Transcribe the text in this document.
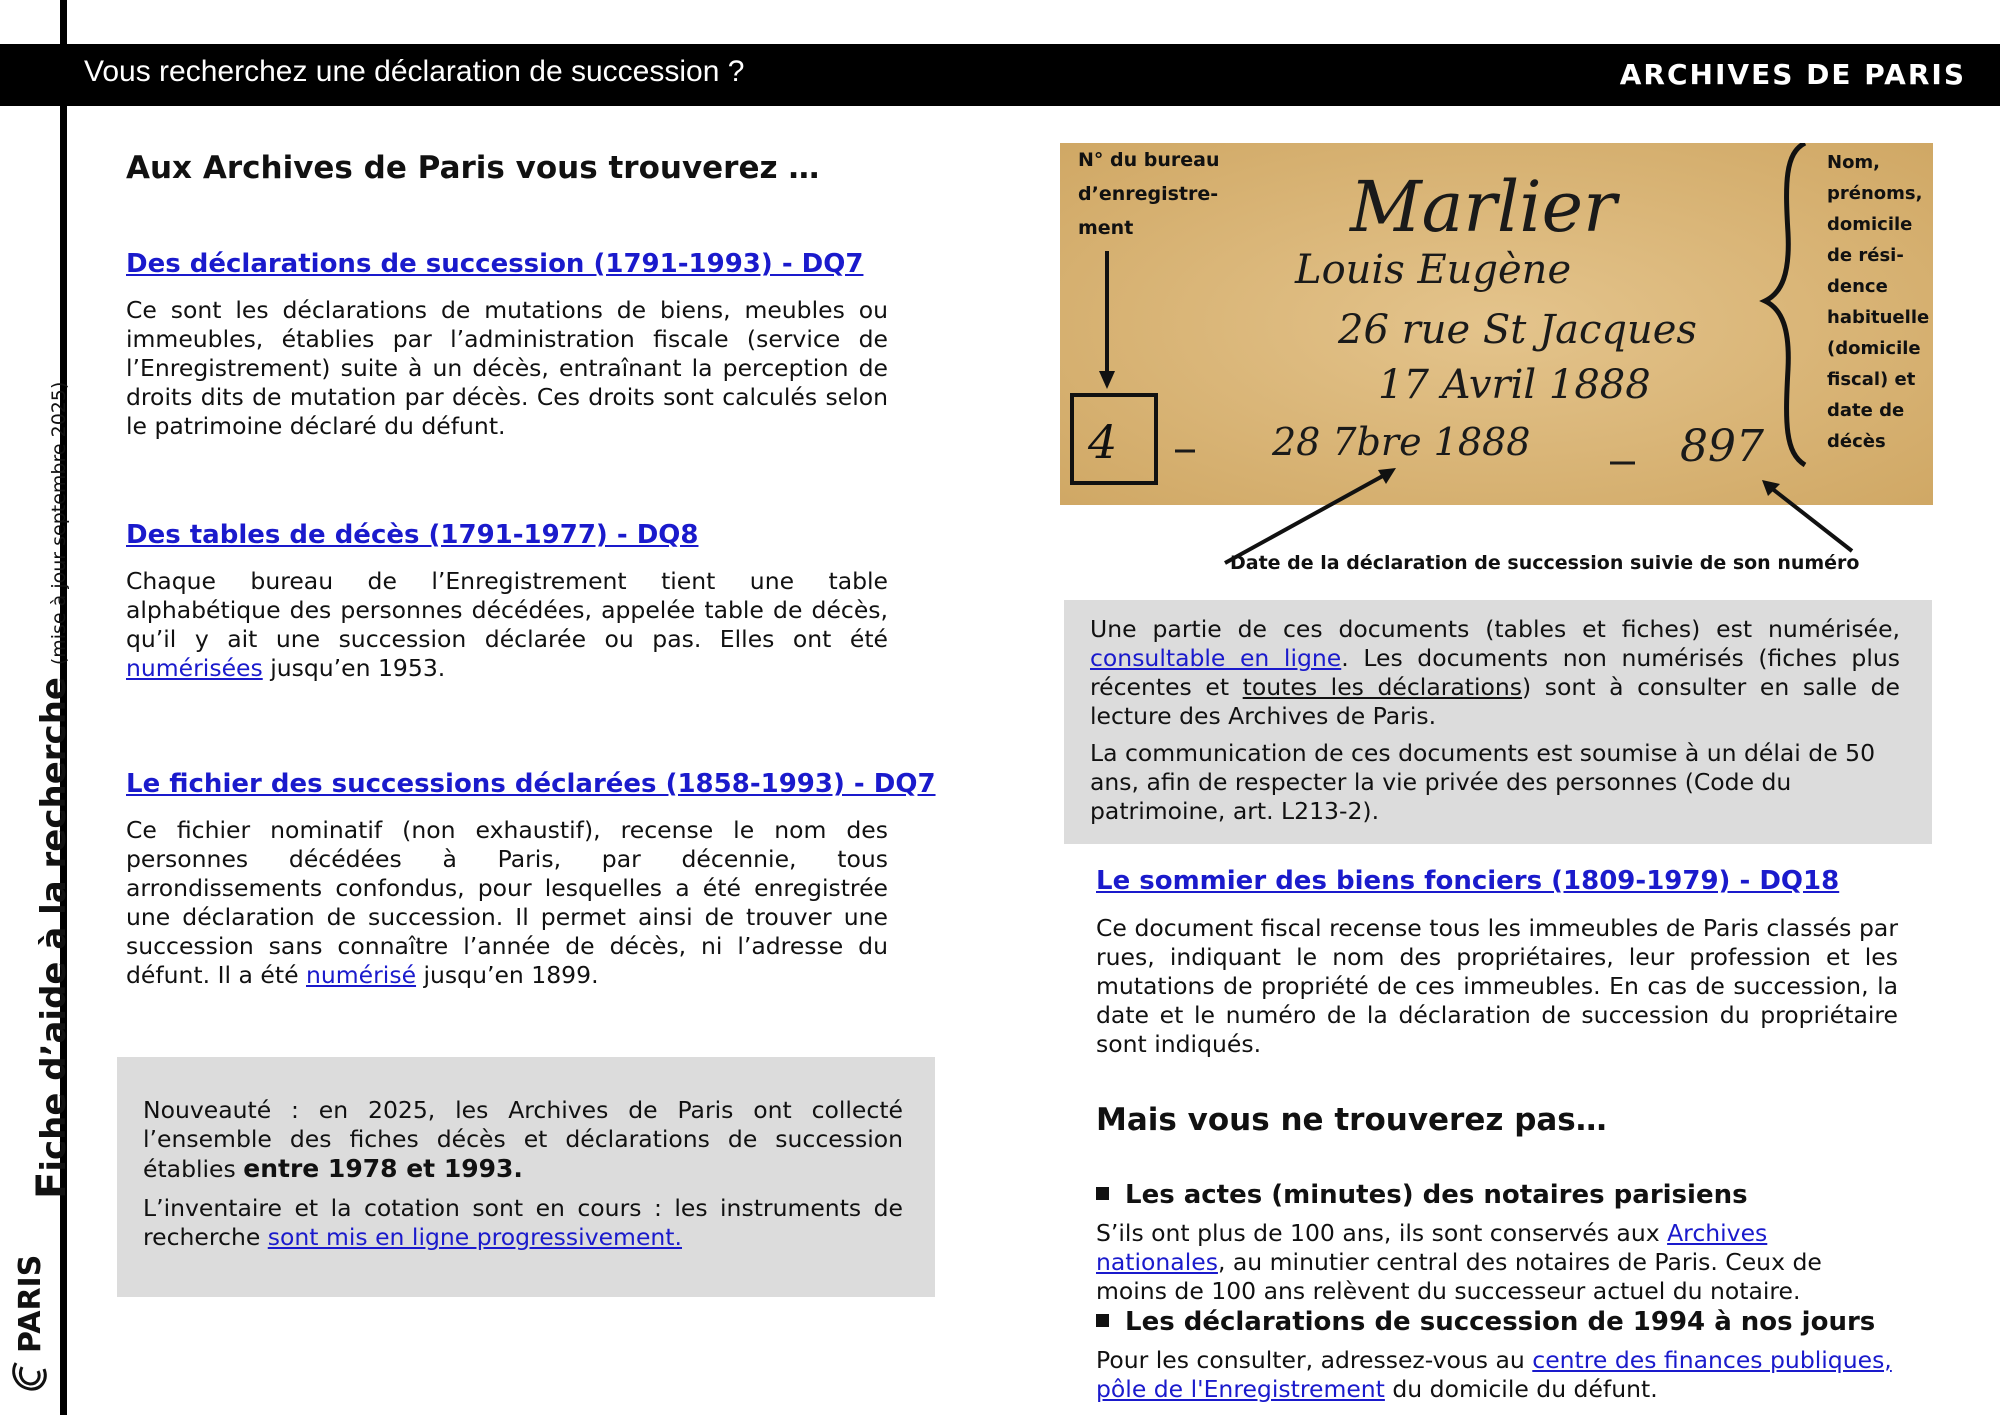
Vous recherchez une déclaration de succession ?	ARCHIVES DE PARIS
Fiche d’aide à la recherche (mise à jour septembre 2025)
PARIS
Aux Archives de Paris vous trouverez …
Des déclarations de succession (1791-1993) - DQ7
Ce sont les déclarations de mutations de biens, meubles ou immeubles, établies par l’administration fiscale (service de l’Enregistrement) suite à un décès, entraînant la perception de droits dits de mutation par décès. Ces droits sont calculés selon le patrimoine déclaré du défunt.
Des tables de décès (1791-1977) - DQ8
Chaque bureau de l’Enregistrement tient une table alphabétique des personnes décédées, appelée table de décès, qu’il y ait une succession déclarée ou pas. Elles ont été numérisées jusqu’en 1953.
Le fichier des successions déclarées (1858-1993) - DQ7
Ce fichier nominatif (non exhaustif), recense le nom des personnes décédées à Paris, par décennie, tous arrondissements confondus, pour lesquelles a été enregistrée une déclaration de succession. Il permet ainsi de trouver une succession sans connaître l’année de décès, ni l’adresse du défunt. Il a été numérisé jusqu’en 1899.
Nouveauté : en 2025, les Archives de Paris ont collecté l’ensemble des fiches décès et déclarations de succession établies entre 1978 et 1993.
L’inventaire et la cotation sont en cours : les instruments de recherche sont mis en ligne progressivement.
Marlier
Louis Eugène
26 rue St Jacques
17 Avril 1888
28 7bre 1888	897
4
N° du bureau d’enregistre-ment
Nom, prénoms, domicile de rési-dence habituelle (domicile fiscal) et date de décès
Date de la déclaration de succession suivie de son numéro
Une partie de ces documents (tables et fiches) est numérisée, consultable en ligne. Les documents non numérisés (fiches plus récentes et toutes les déclarations) sont à consulter en salle de lecture des Archives de Paris.
La communication de ces documents est soumise à un délai de 50 ans, afin de respecter la vie privée des personnes (Code du patrimoine, art. L213-2).
Le sommier des biens fonciers (1809-1979) - DQ18
Ce document fiscal recense tous les immeubles de Paris classés par rues, indiquant le nom des propriétaires, leur profession et les mutations de propriété de ces immeubles. En cas de succession, la date et le numéro de la déclaration de succession du propriétaire sont indiqués.
Mais vous ne trouverez pas…
Les actes (minutes) des notaires parisiens
S’ils ont plus de 100 ans, ils sont conservés aux Archives nationales, au minutier central des notaires de Paris. Ceux de moins de 100 ans relèvent du successeur actuel du notaire.
Les déclarations de succession de 1994 à nos jours
Pour les consulter, adressez-vous au centre des finances publiques, pôle de l'Enregistrement du domicile du défunt.
